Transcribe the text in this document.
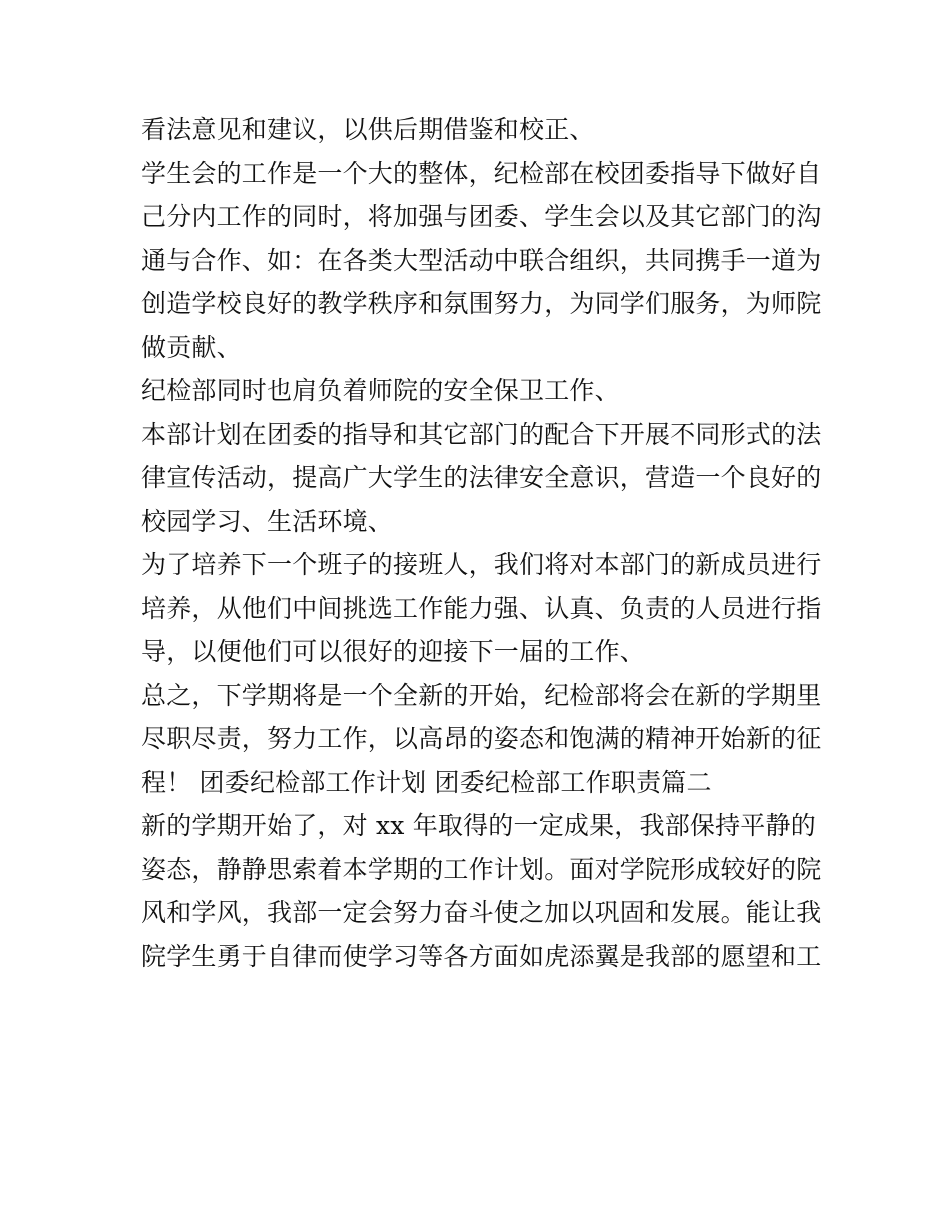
看法意见和建议，以供后期借鉴和校正、
学生会的工作是一个大的整体，纪检部在校团委指导下做好自
己分内工作的同时，将加强与团委、学生会以及其它部门的沟
通与合作、如：在各类大型活动中联合组织，共同携手一道为
创造学校良好的教学秩序和氛围努力，为同学们服务，为师院
做贡献、
纪检部同时也肩负着师院的安全保卫工作、
本部计划在团委的指导和其它部门的配合下开展不同形式的法
律宣传活动，提高广大学生的法律安全意识，营造一个良好的
校园学习、生活环境、
为了培养下一个班子的接班人，我们将对本部门的新成员进行
培养，从他们中间挑选工作能力强、认真、负责的人员进行指
导，以便他们可以很好的迎接下一届的工作、
总之，下学期将是一个全新的开始，纪检部将会在新的学期里
尽职尽责，努力工作，以高昂的姿态和饱满的精神开始新的征
程！ 团委纪检部工作计划 团委纪检部工作职责篇二
新的学期开始了，对 xx 年取得的一定成果，我部保持平静的
姿态，静静思索着本学期的工作计划。面对学院形成较好的院
风和学风，我部一定会努力奋斗使之加以巩固和发展。能让我
院学生勇于自律而使学习等各方面如虎添翼是我部的愿望和工
